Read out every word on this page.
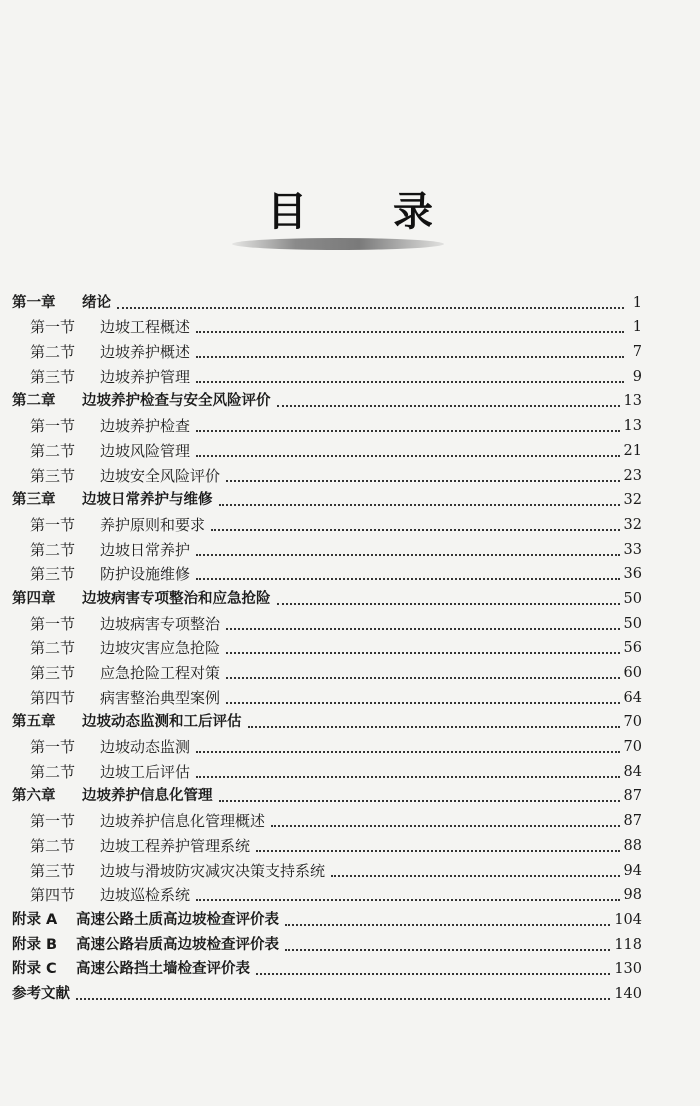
目 录
第一章	绪论	1
第一节	边坡工程概述	1
第二节	边坡养护概述	7
第三节	边坡养护管理	9
第二章	边坡养护检查与安全风险评价	13
第一节	边坡养护检查	13
第二节	边坡风险管理	21
第三节	边坡安全风险评价	23
第三章	边坡日常养护与维修	32
第一节	养护原则和要求	32
第二节	边坡日常养护	33
第三节	防护设施维修	36
第四章	边坡病害专项整治和应急抢险	50
第一节	边坡病害专项整治	50
第二节	边坡灾害应急抢险	56
第三节	应急抢险工程对策	60
第四节	病害整治典型案例	64
第五章	边坡动态监测和工后评估	70
第一节	边坡动态监测	70
第二节	边坡工后评估	84
第六章	边坡养护信息化管理	87
第一节	边坡养护信息化管理概述	87
第二节	边坡工程养护管理系统	88
第三节	边坡与滑坡防灾减灾决策支持系统	94
第四节	边坡巡检系统	98
附录 A	高速公路土质高边坡检查评价表	104
附录 B	高速公路岩质高边坡检查评价表	118
附录 C	高速公路挡土墙检查评价表	130
参考文献	140
